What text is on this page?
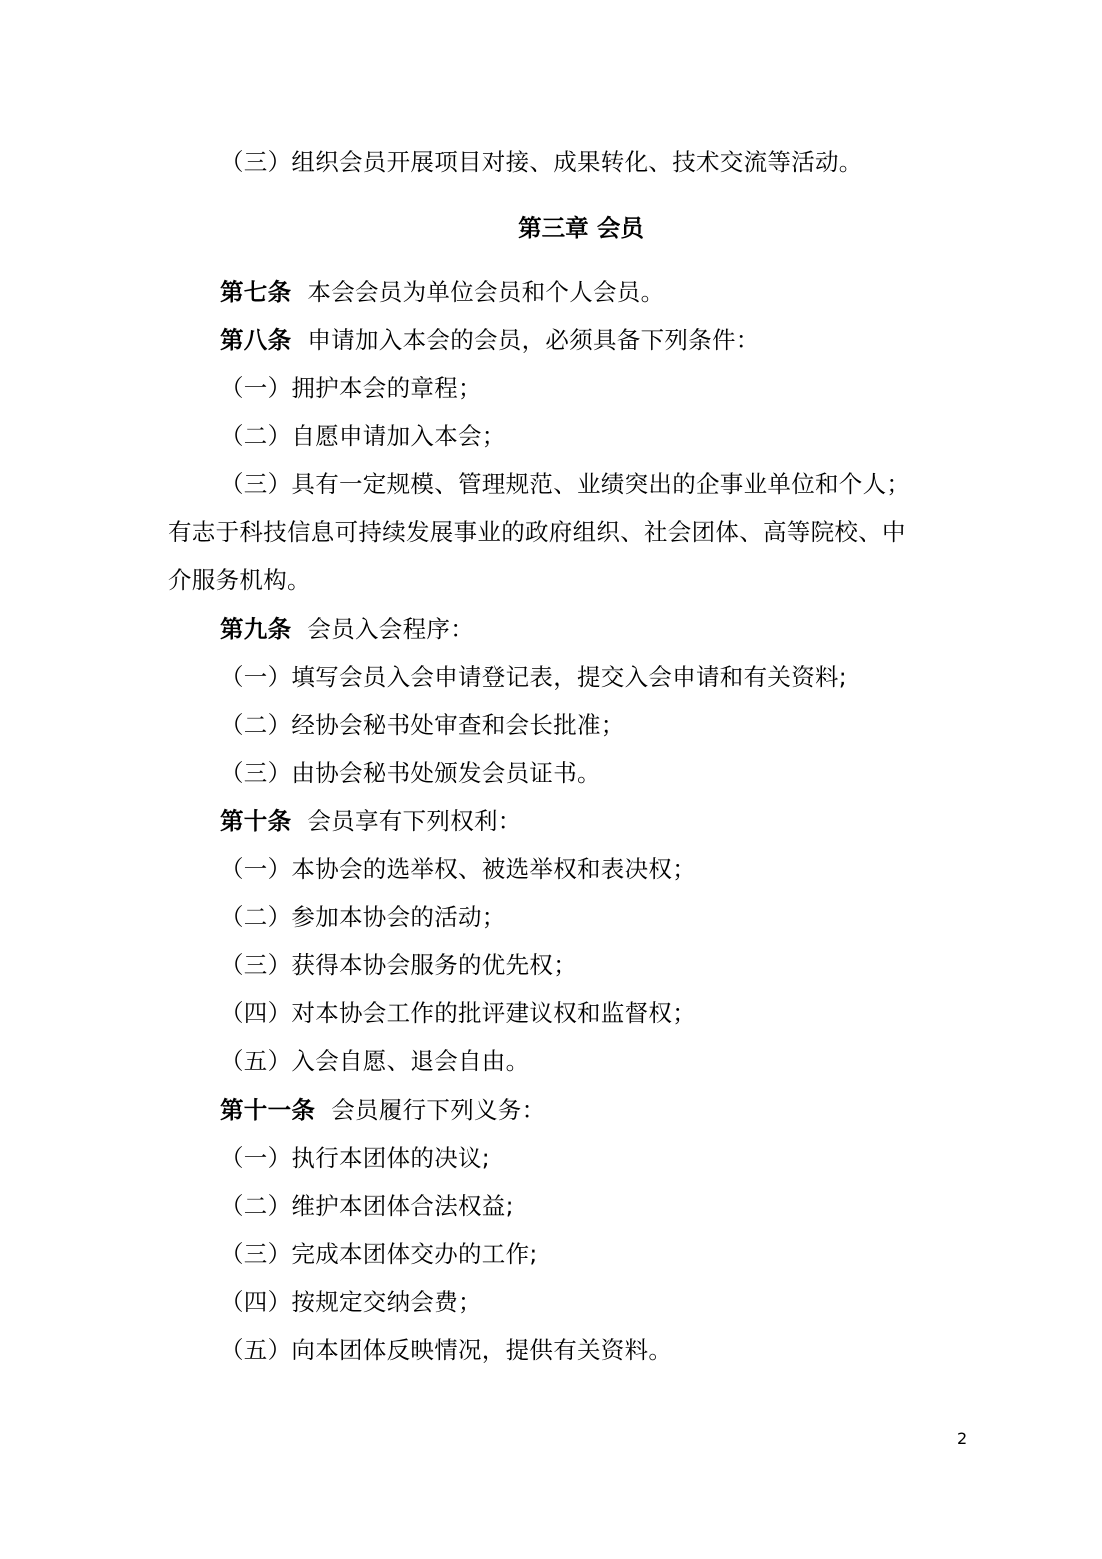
（三）组织会员开展项目对接、成果转化、技术交流等活动。
第三章 会员
第七条 本会会员为单位会员和个人会员。
第八条 申请加入本会的会员，必须具备下列条件：
（一）拥护本会的章程；
（二）自愿申请加入本会；
（三）具有一定规模、管理规范、业绩突出的企事业单位和个人；
有志于科技信息可持续发展事业的政府组织、社会团体、高等院校、中
介服务机构。
第九条 会员入会程序：
（一）填写会员入会申请登记表，提交入会申请和有关资料;
（二）经协会秘书处审查和会长批准；
（三）由协会秘书处颁发会员证书。
第十条 会员享有下列权利：
（一）本协会的选举权、被选举权和表决权；
（二）参加本协会的活动；
（三）获得本协会服务的优先权；
（四）对本协会工作的批评建议权和监督权；
（五）入会自愿、退会自由。
第十一条 会员履行下列义务：
（一）执行本团体的决议;
（二）维护本团体合法权益;
（三）完成本团体交办的工作;
（四）按规定交纳会费；
（五）向本团体反映情况，提供有关资料。
2
